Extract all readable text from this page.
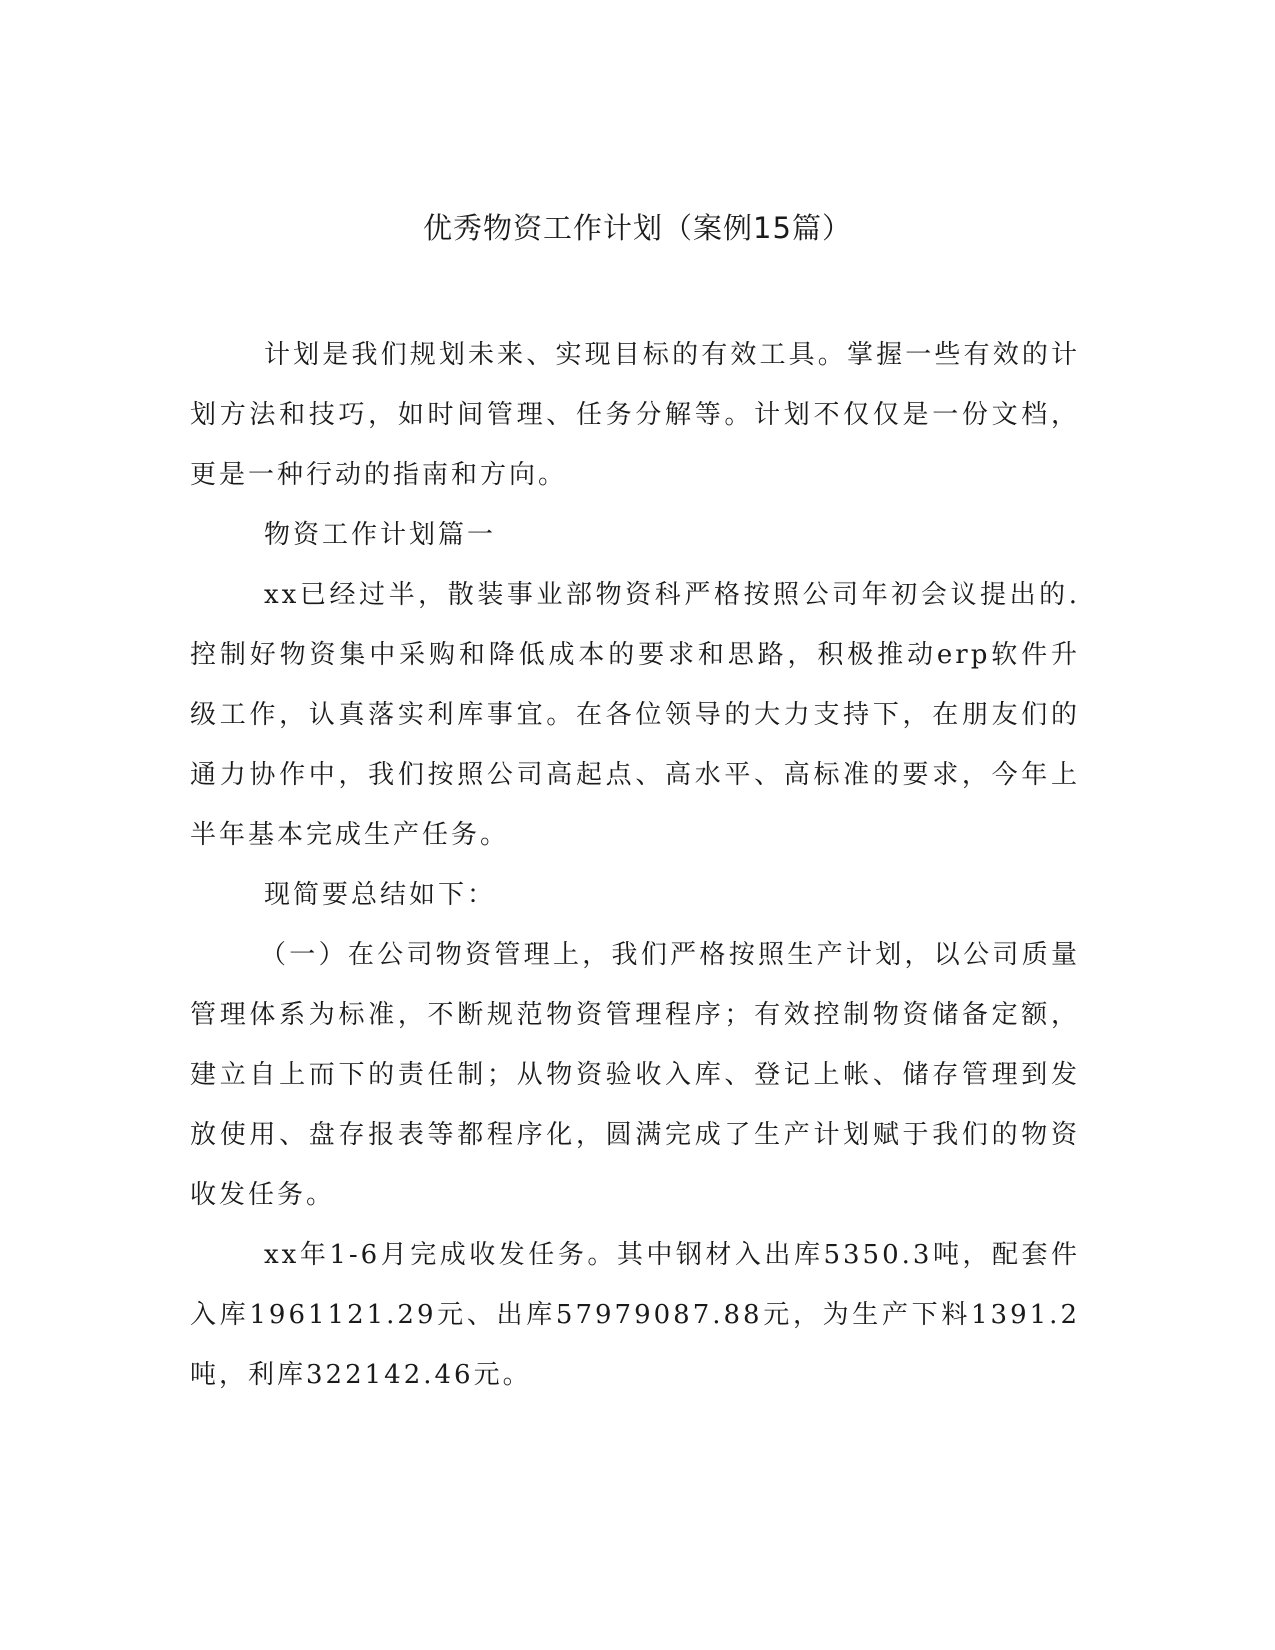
优秀物资工作计划（案例15篇）

计划是我们规划未来、实现目标的有效工具。掌握一些有效的计划方法和技巧，如时间管理、任务分解等。计划不仅仅是一份文档，更是一种行动的指南和方向。

物资工作计划篇一

xx已经过半，散装事业部物资科严格按照公司年初会议提出的.控制好物资集中采购和降低成本的要求和思路，积极推动erp软件升级工作，认真落实利库事宜。在各位领导的大力支持下，在朋友们的通力协作中，我们按照公司高起点、高水平、高标准的要求，今年上半年基本完成生产任务。

现简要总结如下：

（一）在公司物资管理上，我们严格按照生产计划，以公司质量管理体系为标准，不断规范物资管理程序；有效控制物资储备定额，建立自上而下的责任制；从物资验收入库、登记上帐、储存管理到发放使用、盘存报表等都程序化，圆满完成了生产计划赋于我们的物资收发任务。

xx年1-6月完成收发任务。其中钢材入出库5350.3吨，配套件入库1961121.29元、出库57979087.88元，为生产下料1391.2吨，利库322142.46元。
